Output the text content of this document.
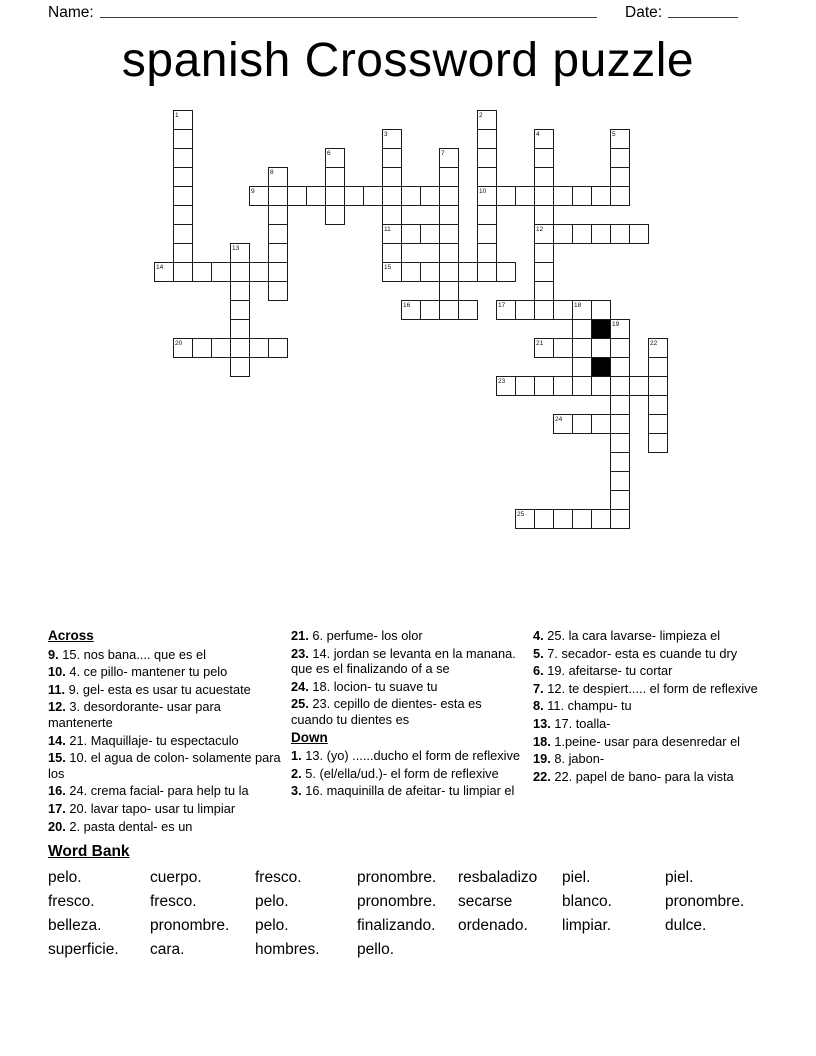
Name:	Date:
spanish Crossword puzzle
1	2
3	4	5
6	7
8
9	10
11	12
13
14	15
16	17	18
19
20	21	22
23
24
25
Across

9. 15. nos bana.... que es el

10. 4. ce pillo- mantener tu pelo

11. 9. gel- esta es usar tu acuestate

12. 3. desordorante- usar para mantenerte

14. 21. Maquillaje- tu espectaculo

15. 10. el agua de colon- solamente para los

16. 24. crema facial- para help tu la

17. 20. lavar tapo- usar tu limpiar

20. 2. pasta dental- es un

21. 6. perfume- los olor

23. 14. jordan se levanta en la manana. que es el finalizando of a se

24. 18. locion- tu suave tu

25. 23. cepillo de dientes- esta es cuando tu dientes es

Down

1. 13. (yo) ......ducho el form de reflexive

2. 5. (el/ella/ud.)- el form de reflexive

3. 16. maquinilla de afeitar- tu limpiar el

4. 25. la cara lavarse- limpieza el

5. 7. secador- esta es cuande tu dry

6. 19. afeitarse- tu cortar

7. 12. te despiert..... el form de reflexive

8. 11. champu- tu

13. 17. toalla-

18. 1.peine- usar para desenredar el

19. 8. jabon-

22. 22. papel de bano- para la vista

Word Bank
pelo.	cuerpo.	fresco.	pronombre.	resbaladizo	piel.	piel.
fresco.	fresco.	pelo.	pronombre.	secarse	blanco.	pronombre.
belleza.	pronombre.	pelo.	finalizando.	ordenado.	limpiar.	dulce.
superficie.	cara.	hombres.	pello.
